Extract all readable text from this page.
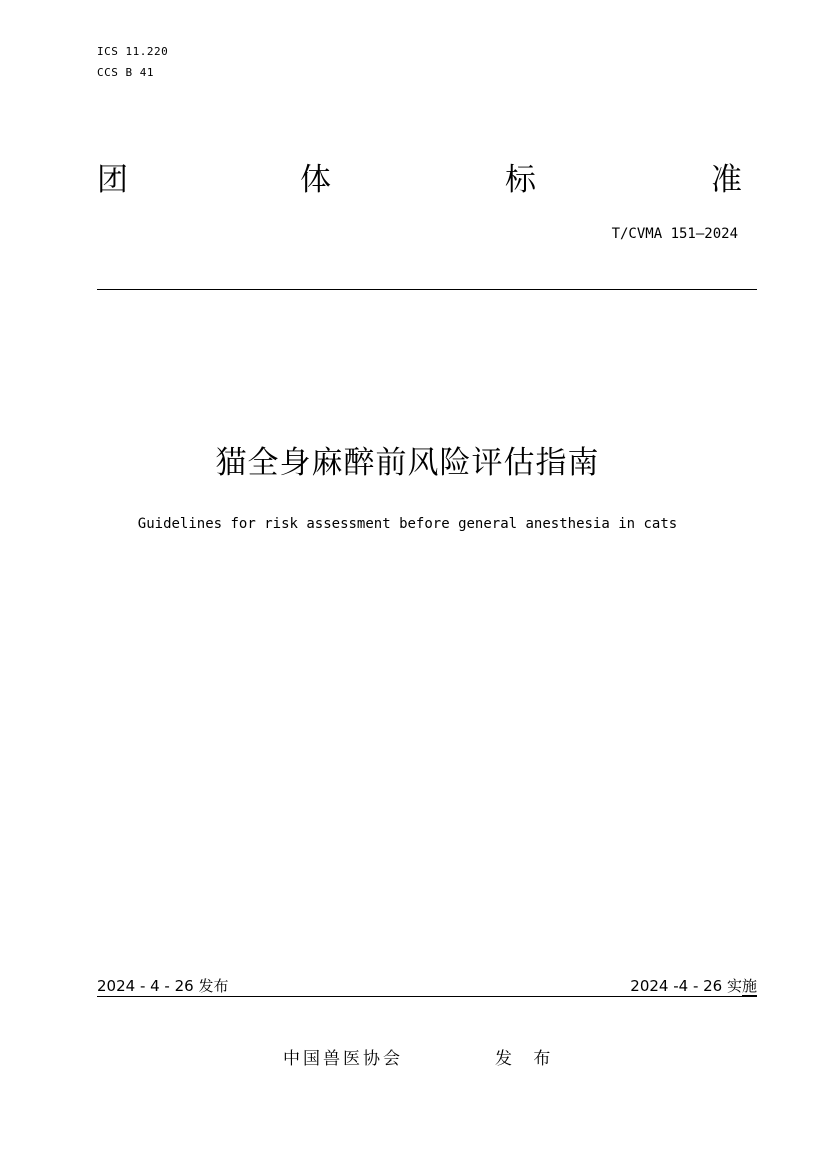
ICS 11.220
CCS B 41
团	体	标	准
T/CVMA 151—2024
猫全身麻醉前风险评估指南
Guidelines for risk assessment before general anesthesia in cats
2024 - 4 - 26 发布	2024 -4 - 26 实施
中国兽医协会	发 布
